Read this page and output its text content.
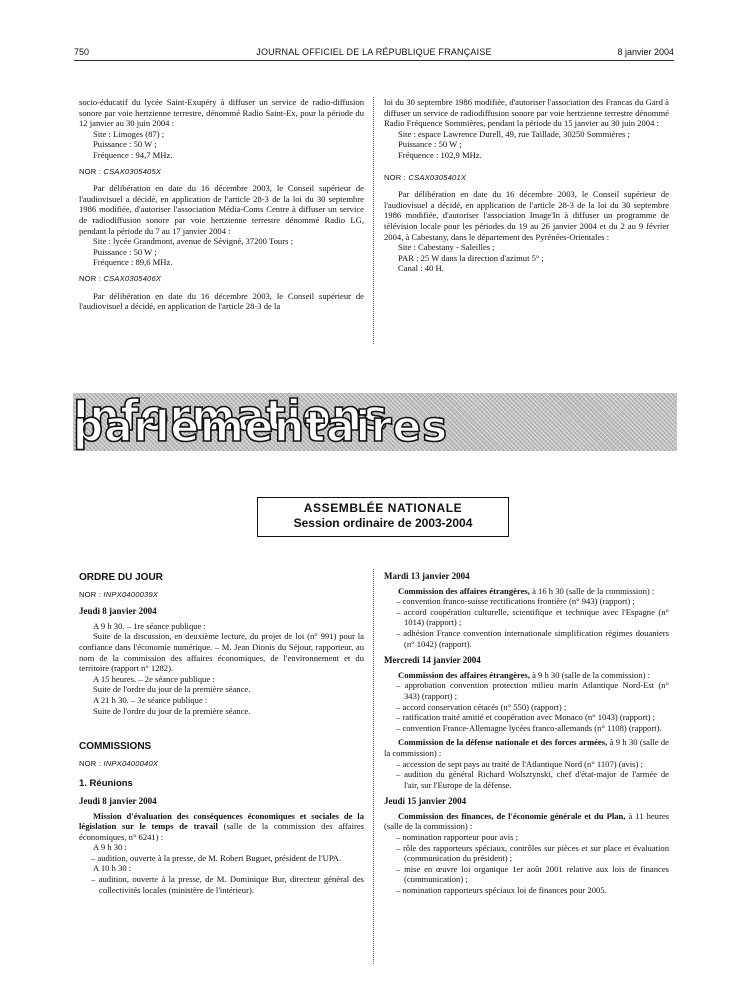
750	JOURNAL OFFICIEL DE LA RÉPUBLIQUE FRANÇAISE	8 janvier 2004

socio-éducatif du lycée Saint-Exupéry à diffuser un service de radio-diffusion sonore par voie hertzienne terrestre, dénommé Radio Saint-Ex, pour la période du 12 janvier au 30 juin 2004 :

Site : Limoges (87) ;

Puissance : 50 W ;

Fréquence : 94,7 MHz.

NOR : CSAX0305405X

Par délibération en date du 16 décembre 2003, le Conseil supérieur de l'audiovisuel a décidé, en application de l'article 28-3 de la loi du 30 septembre 1986 modifiée, d'autoriser l'association Média-Coms Centre à diffuser un service de radiodiffusion sonore par voie hertzienne terrestre dénommé Radio LG, pendant la période du 7 au 17 janvier 2004 :

Site : lycée Grandmont, avenue de Sévigné, 37200 Tours ;

Puissance : 50 W ;

Fréquence : 89,6 MHz.

NOR : CSAX0305406X

Par délibération en date du 16 décembre 2003, le Conseil supérieur de l'audiovisuel a décidé, en application de l'article 28-3 de la

loi du 30 septembre 1986 modifiée, d'autoriser l'association des Francas du Gard à diffuser un service de radiodiffusion sonore par voie hertzienne terrestre dénommé Radio Fréquence Sommières, pendant la période du 15 janvier au 30 juin 2004 :

Site : espace Lawrence Durell, 49, rue Taillade, 30250 Sommières ;

Puissance : 50 W ;

Fréquence : 102,9 MHz.

NOR : CSAX0305401X

Par délibération en date du 16 décembre 2003, le Conseil supérieur de l'audiovisuel a décidé, en application de l'article 28-3 de la loi du 30 septembre 1986 modifiée, d'autoriser l'association Image'In à diffuser un programme de télévision locale pour les périodes du 19 au 26 janvier 2004 et du 2 au 9 février 2004, à Cabestany, dans le département des Pyrénées-Orientales :

Site : Cabestany - Saleilles ;

PAR : 25 W dans la direction d'azimut 5° ;

Canal : 40 H.

Informations parlementaires
ASSEMBLÉE NATIONALE
Session ordinaire de 2003-2004

ORDRE DU JOUR

NOR : INPX0400039X

Jeudi 8 janvier 2004

A 9 h 30. – 1re séance publique :

Suite de la discussion, en deuxième lecture, du projet de loi (n° 991) pour la confiance dans l'économie numérique. – M. Jean Dionis du Séjour, rapporteur, au nom de la commission des affaires économiques, de l'environnement et du territoire (rapport n° 1282).

A 15 heures. – 2e séance publique :

Suite de l'ordre du jour de la première séance.

A 21 h 30. – 3e séance publique :

Suite de l'ordre du jour de la première séance.

COMMISSIONS

NOR : INPX0400040X

1. Réunions

Jeudi 8 janvier 2004

Mission d'évaluation des conséquences économiques et sociales de la législation sur le temps de travail (salle de la commission des affaires économiques, n° 6241) :

A 9 h 30 :

– audition, ouverte à la presse, de M. Robert Buguet, président de l'UPA.

A 10 h 30 :

– audition, ouverte à la presse, de M. Dominique Bur, directeur général des collectivités locales (ministère de l'intérieur).

Mardi 13 janvier 2004

Commission des affaires étrangères, à 16 h 30 (salle de la commission) :

– convention franco-suisse rectifications frontière (n° 943) (rapport) ;

– accord coopération culturelle, scientifique et technique avec l'Espagne (n° 1014) (rapport) ;

– adhésion France convention internationale simplification régimes douaniers (n° 1042) (rapport).

Mercredi 14 janvier 2004

Commission des affaires étrangères, à 9 h 30 (salle de la commission) :

– approbation convention protection milieu marin Atlantique Nord-Est (n° 343) (rapport) ;

– accord conservation cétacés (n° 550) (rapport) ;

– ratification traité amitié et coopération avec Monaco (n° 1043) (rapport) ;

– convention France-Allemagne lycées franco-allemands (n° 1108) (rapport).

Commission de la défense nationale et des forces armées, à 9 h 30 (salle de la commission) :

– accession de sept pays au traité de l'Atlantique Nord (n° 1107) (avis) ;

– audition du général Richard Wolsztynski, chef d'état-major de l'armée de l'air, sur l'Europe de la défense.

Jeudi 15 janvier 2004

Commission des finances, de l'économie générale et du Plan, à 11 heures (salle de la commission) :

– nomination rapporteur pour avis ;

– rôle des rapporteurs spéciaux, contrôles sur pièces et sur place et évaluation (communication du président) ;

– mise en œuvre loi organique 1er août 2001 relative aux lois de finances (communication) ;

– nomination rapporteurs spéciaux loi de finances pour 2005.
